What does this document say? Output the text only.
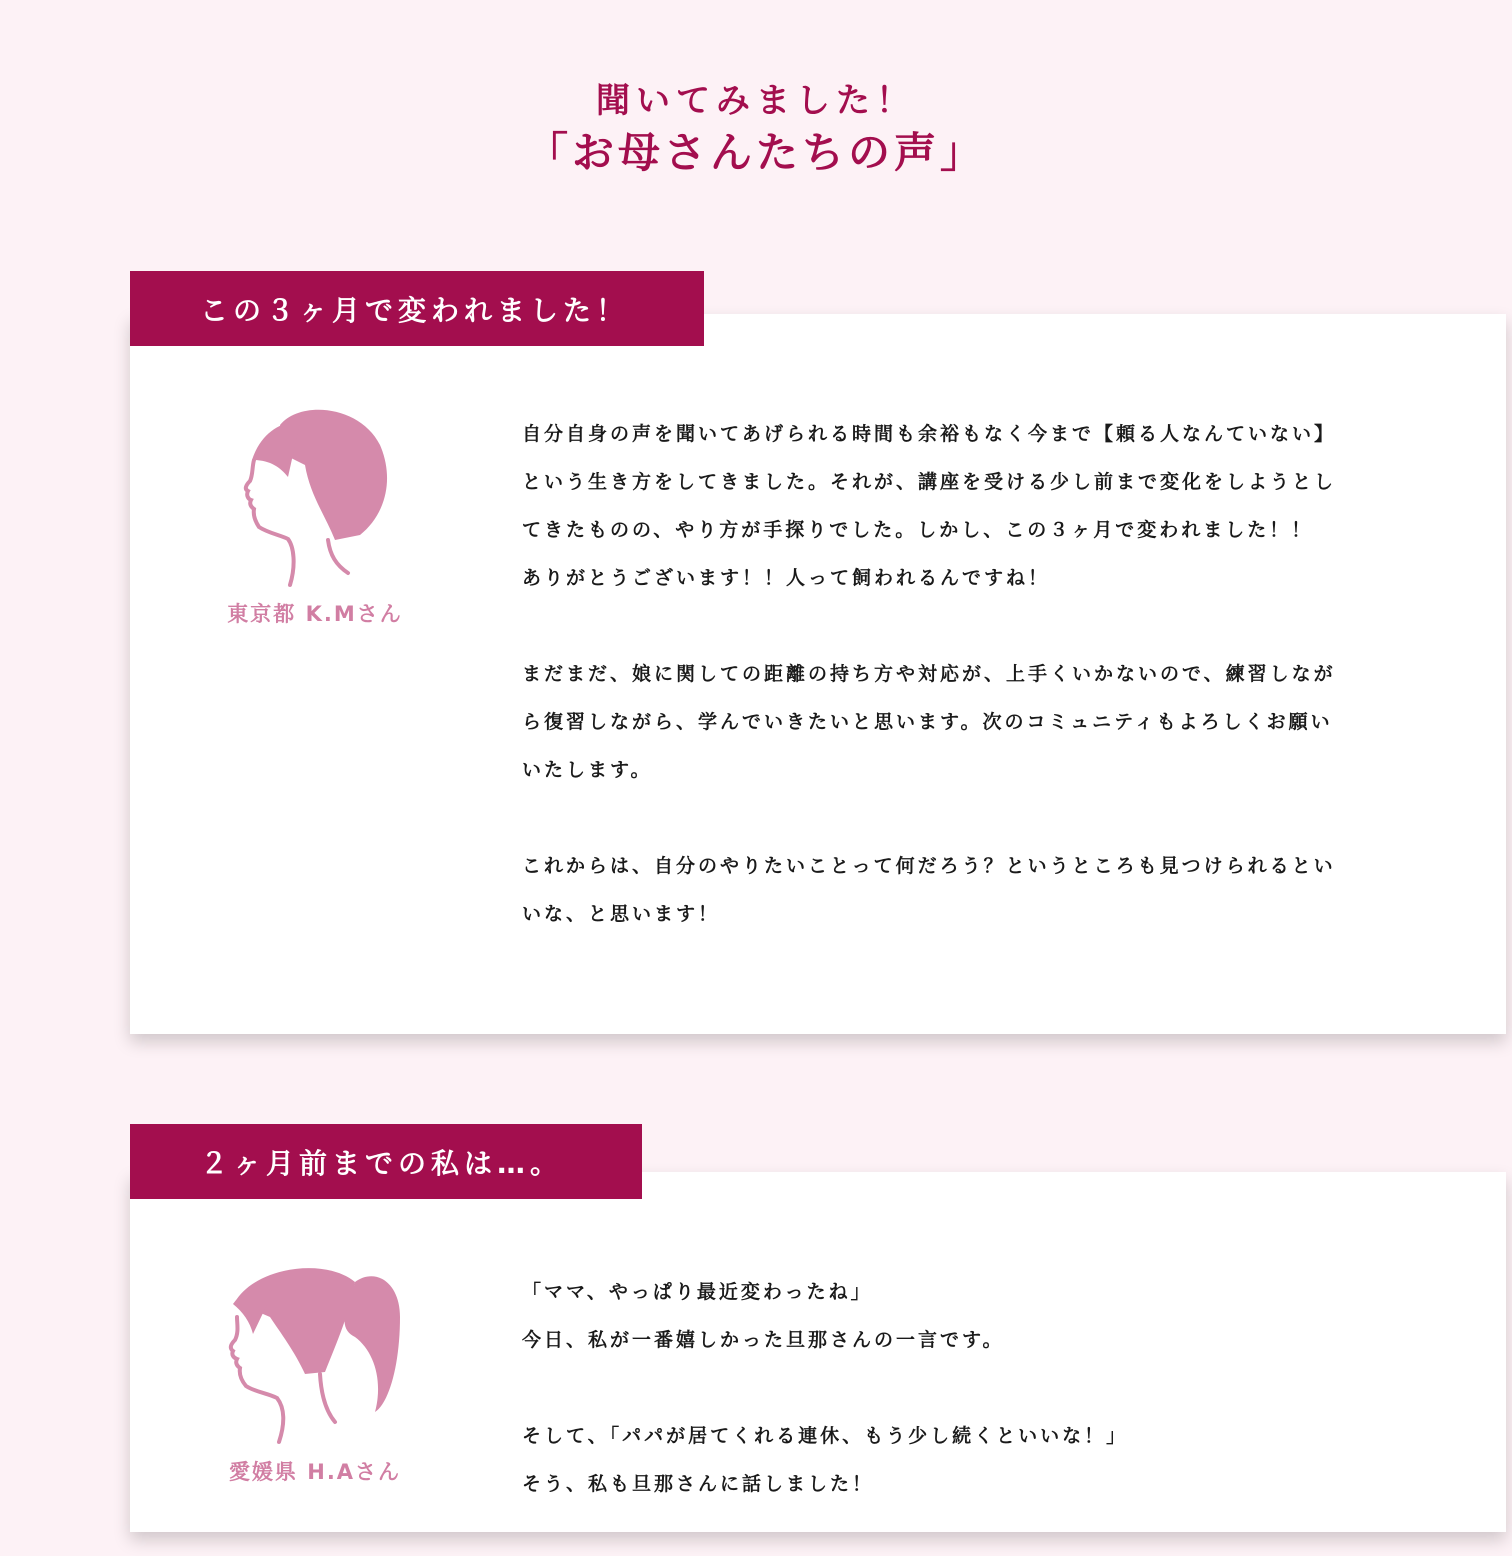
聞いてみました！
「お母さんたちの声」
この３ヶ月で変われました！
東京都 K.Mさん

自分自身の声を聞いてあげられる時間も余裕もなく今まで【頼る人なんていない】
という生き方をしてきました。それが、講座を受ける少し前まで変化をしようとし
てきたものの、やり方が手探りでした。しかし、この３ヶ月で変われました！！
ありがとうございます！！人って飼われるんですね！

まだまだ、娘に関しての距離の持ち方や対応が、上手くいかないので、練習しなが
ら復習しながら、学んでいきたいと思います。次のコミュニティもよろしくお願い
いたします。

これからは、自分のやりたいことって何だろう？というところも見つけられるとい
いな、と思います！

２ヶ月前までの私は…。
愛媛県 H.Aさん

「ママ、やっぱり最近変わったね」
今日、私が一番嬉しかった旦那さんの一言です。

そして、「パパが居てくれる連休、もう少し続くといいな！」
そう、私も旦那さんに話しました！
